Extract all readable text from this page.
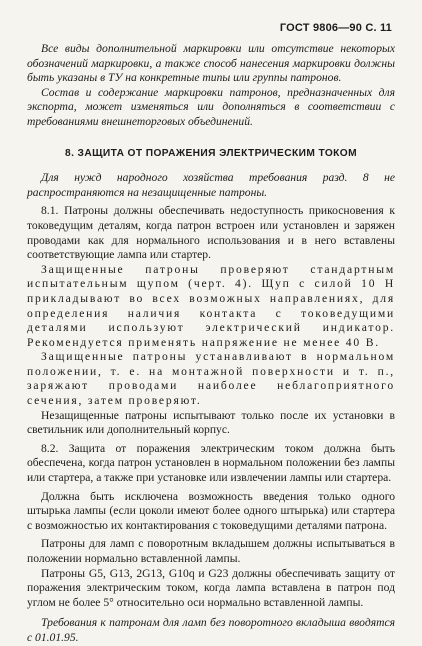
ГОСТ 9806—90 С. 11

Все виды дополнительной маркировки или отсутствие некоторых обозначений маркировки, а также способ нанесения маркировки должны быть указаны в ТУ на конкретные типы или группы патронов.

Состав и содержание маркировки патронов, предназначенных для экспорта, может изменяться или дополняться в соответствии с требованиями внешнеторговых объединений.

8. ЗАЩИТА ОТ ПОРАЖЕНИЯ ЭЛЕКТРИЧЕСКИМ ТОКОМ

Для нужд народного хозяйства требования разд. 8 не распространяются на незащищенные патроны.

8.1. Патроны должны обеспечивать недоступность прикосновения к токоведущим деталям, когда патрон встроен или установлен и заряжен проводами как для нормального использования и в него вставлены соответствующие лампа или стартер.

Защищенные патроны проверяют стандартным испытательным щупом (черт. 4). Щуп с силой 10 Н прикладывают во всех возможных направлениях, для определения наличия контакта с токоведущими деталями используют электрический индикатор. Рекомендуется применять напряжение не менее 40 В.

Защищенные патроны устанавливают в нормальном положении, т. е. на монтажной поверхности и т. п., заряжают проводами наиболее неблагоприятного сечения, затем проверяют.

Незащищенные патроны испытывают только после их установки в светильник или дополнительный корпус.

8.2. Защита от поражения электрическим током должна быть обеспечена, когда патрон установлен в нормальном положении без лампы или стартера, а также при установке или извлечении лампы или стартера.

Должна быть исключена возможность введения только одного штырька лампы (если цоколи имеют более одного штырька) или стартера с возможностью их контактирования с токоведущими деталями патрона.

Патроны для ламп с поворотным вкладышем должны испытываться в положении нормально вставленной лампы.

Патроны G5, G13, 2G13, G10q и G23 должны обеспечивать защиту от поражения электрическим током, когда лампа вставлена в патрон под углом не более 5° относительно оси нормально вставленной лампы.

Требования к патронам для ламп без поворотного вкладыша вводятся с 01.01.95.
